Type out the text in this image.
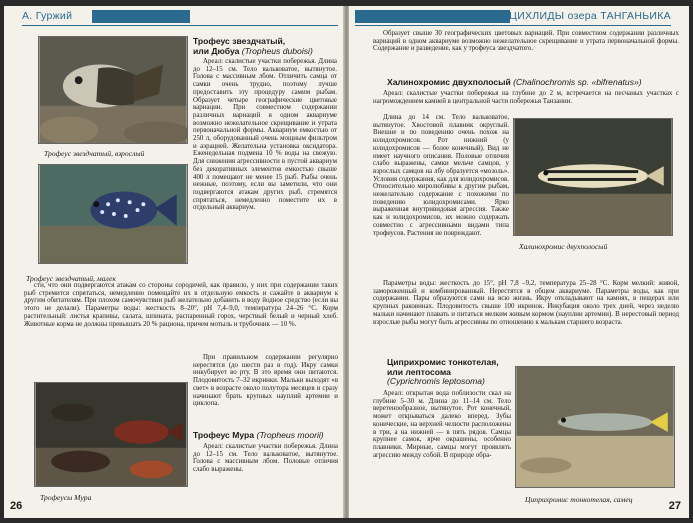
А. Гуржий
Трофеус звездчатый, взрослый
Трофеус звездчатый, малек
Трофеус звездчатый,
или Дюбуа (Tropheus duboisi)

Ареал: скалистые участки побережья. Длина до 12–15 см. Тело вальковатое, вытянутое. Голова с массивным лбом. Отличить самца от самки очень трудно, поэтому лучше предоставить эту процедуру самим рыбам. Образует четыре географические цветовые вариации. При совместном содержании различных вариаций в одном аквариуме возможно нежелательное скрещивание и утрата первоначальной формы. Аквариум емкостью от 250 л, оборудованный очень мощным фильтром и аэрацией. Желательна установка оксидатора. Еженедельная подмена 10 % воды на свежую. Для снижения агрессивности в пустой аквариум без декоративных элементов емкостью свыше 400 л помещают не менее 15 рыб. Рыбы очень нежные, поэтому, если вы заметили, что они подвергаются атакам других рыб, стремятся спрятаться, немедленно поместите их в отдельный аквариум.

сти, что они подвергаются атакам со стороны сородичей, как правило, у них при содержании таких рыб стремится спрятаться, немедленно помещайте их в отдельную емкость и сажайте в аквариум к другим обитателям. При плохом самочувствии рыб желательно добавить в воду йодное средство (если вы этого не делали). Параметры воды: жесткость 8–20°, pH 7,4–9,0, температура 24–26 °С. Корм растительный: листья крапивы, салата, шпината, распаренный горох, черствый белый и черный хлеб. Животные корма не должны превышать 20 % рациона, причем мотыль и трубочник — 10 %.

Трофеусы Мура

При правильном содержании регулярно нерестятся (до шести раз в год). Икру самки инкубирует во рту. В это время они питаются. Плодовитость 7–32 икринки. Мальки выходят «в свет» в возрасте около полутора месяцев и сразу начинают брать крупных науплий артемии и циклопа.

Трофеус Мура (Tropheus moorii)

Ареал: скалистые участки побережья. Длина до 12–15 см. Тело вальковатое, вытянутое. Голова с массивным лбом. Половые отличия слабо выражены.

26
ЦИХЛИДЫ озера ТАНГАНЬИКА

Образует свыше 30 географических цветовых вариаций. При совместном содержании различных вариаций в одном аквариуме возможно нежелательное скрещивание и утрата первоначальной формы. Содержание и разведение, как у трофеуса звездчатого.

Халинохромис двухполосый (Chalinochromis sp. «bifrenatus»)

Ареал: скалистые участки побережья на глубине до 2 м, встречается на песчаных участках с нагромождением камней в центральной части побережья Танзании.

Длина до 14 см. Тело вальковатое, вытянутое. Хвостовой плавник округлый. Внешне и по поведению очень похож на юлидохромисов. Рот нижний (у юлидохромисов — более конечный). Вид не имеет научного описания. Половые отличия слабо выражены, самки мельче самцов, у взрослых самцов на лбу образуется «мозоль». Условия содержания, как для юлидохромисов. Относительно миролюбивы к другим рыбам, нежелательно содержание с похожими по поведению юлидохромисами. Ярко выраженная внутривидовая агрессия. Также как и юлидохромисов, их можно содержать совместно с агрессивными видами типа трофеусов. Растения не повреждают.

Халинохромис двухполосый

Параметры воды: жесткость до 15°, pH 7,8 –9,2, температура 25–28 °С. Корм мелкий: живой, замороженный и комбинированный. Нерестятся в общем аквариуме. Параметры воды, как при содержании. Пары образуются сами на всю жизнь. Икру откладывают на камнях, в пещерах или крупных раковинах. Плодовитость свыше 100 икринок. Инкубация около трех дней, через неделю мальки начинают плавать и питаться мелким живым кормом (науплии артемии). В нерестовый период взрослые рыбы могут быть агрессивны по отношению к малькам старшего возраста.

Циприхромис тонкотелая,
или лептосома
(Cyprichromis leptosoma)

Ареал: открытая вода поблизости скал на глубине 5–30 м. Длина до 11–14 см. Тело веретенообразное, вытянутое. Рот конечный, может открываться далеко вперед. Зубы конические, на верхней челюсти расположены в три, а на нижней — в пять рядов. Самцы крупнее самок, ярче окрашены, особенно плавники. Мирные, самцы могут проявлять агрессию между собой. В природе обра-

Циприхромис тонкотелая, самец
27
